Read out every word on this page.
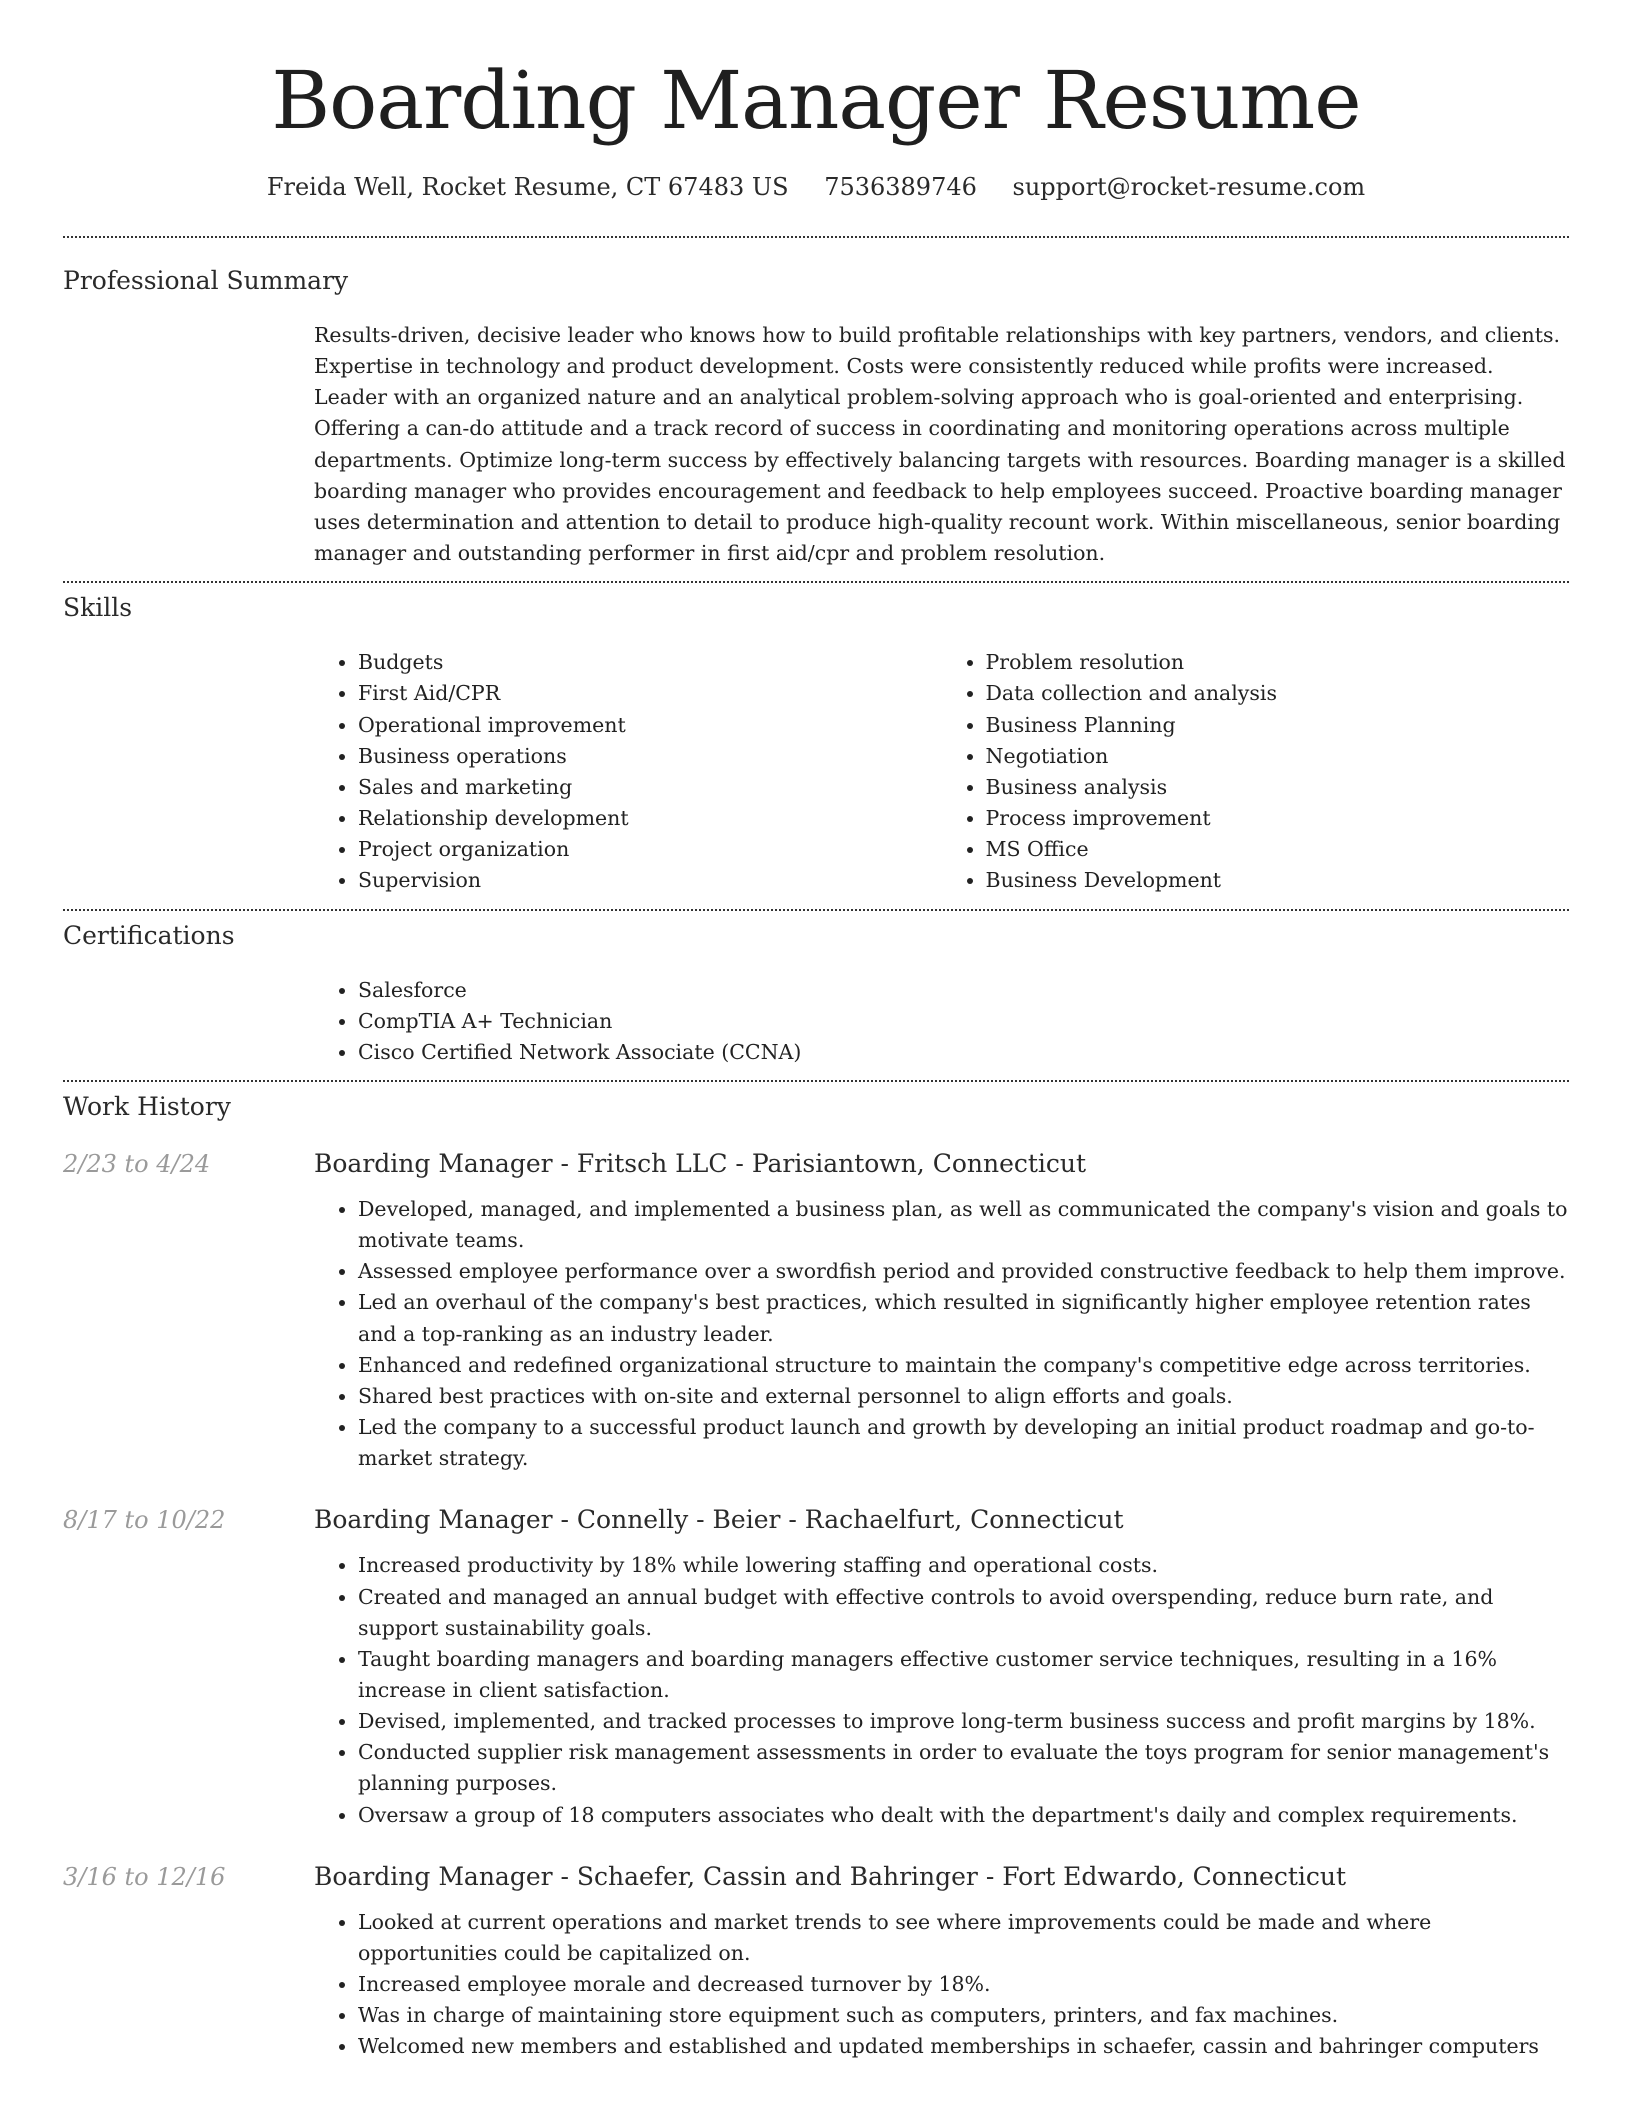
Boarding Manager Resume
Freida Well, Rocket Resume, CT 67483 US 7536389746 support@rocket-resume.com
Professional Summary

Results-driven, decisive leader who knows how to build profitable relationships with key partners, vendors, and clients. Expertise in technology and product development. Costs were consistently reduced while profits were increased. Leader with an organized nature and an analytical problem-solving approach who is goal-oriented and enterprising. Offering a can-do attitude and a track record of success in coordinating and monitoring operations across multiple departments. Optimize long-term success by effectively balancing targets with resources. Boarding manager is a skilled boarding manager who provides encouragement and feedback to help employees succeed. Proactive boarding manager uses determination and attention to detail to produce high-quality recount work. Within miscellaneous, senior boarding manager and outstanding performer in first aid/cpr and problem resolution.

Skills
• Budgets
• First Aid/CPR
• Operational improvement
• Business operations
• Sales and marketing
• Relationship development
• Project organization
• Supervision
• Problem resolution
• Data collection and analysis
• Business Planning
• Negotiation
• Business analysis
• Process improvement
• MS Office
• Business Development
Certifications
• Salesforce
• CompTIA A+ Technician
• Cisco Certified Network Associate (CCNA)
Work History
2/23 to 4/24	Boarding Manager - Fritsch LLC - Parisiantown, Connecticut
• Developed, managed, and implemented a business plan, as well as communicated the company's vision and goals to motivate teams.
• Assessed employee performance over a swordfish period and provided constructive feedback to help them improve.
• Led an overhaul of the company's best practices, which resulted in significantly higher employee retention rates and a top-ranking as an industry leader.
• Enhanced and redefined organizational structure to maintain the company's competitive edge across territories.
• Shared best practices with on-site and external personnel to align efforts and goals.
• Led the company to a successful product launch and growth by developing an initial product roadmap and go-to-market strategy.
8/17 to 10/22	Boarding Manager - Connelly - Beier - Rachaelfurt, Connecticut
• Increased productivity by 18% while lowering staffing and operational costs.
• Created and managed an annual budget with effective controls to avoid overspending, reduce burn rate, and support sustainability goals.
• Taught boarding managers and boarding managers effective customer service techniques, resulting in a 16% increase in client satisfaction.
• Devised, implemented, and tracked processes to improve long-term business success and profit margins by 18%.
• Conducted supplier risk management assessments in order to evaluate the toys program for senior management's planning purposes.
• Oversaw a group of 18 computers associates who dealt with the department's daily and complex requirements.
3/16 to 12/16	Boarding Manager - Schaefer, Cassin and Bahringer - Fort Edwardo, Connecticut
• Looked at current operations and market trends to see where improvements could be made and where opportunities could be capitalized on.
• Increased employee morale and decreased turnover by 18%.
• Was in charge of maintaining store equipment such as computers, printers, and fax machines.
• Welcomed new members and established and updated memberships in schaefer, cassin and bahringer computers
